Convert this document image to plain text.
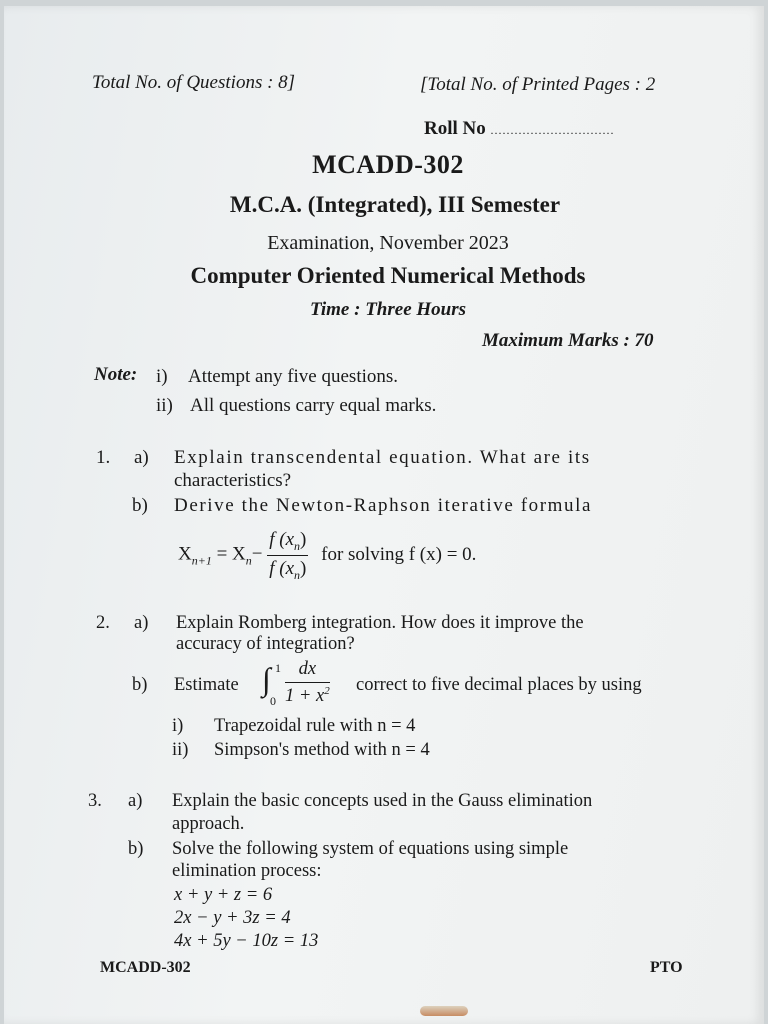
Total No. of Questions : 8]	[Total No. of Printed Pages : 2
Roll No ...............................
MCADD-302
M.C.A. (Integrated), III Semester
Examination, November 2023
Computer Oriented Numerical Methods
Time : Three Hours
Maximum Marks : 70
Note: i) Attempt any five questions.
ii) All questions carry equal marks.
1. a) Explain transcendental equation. What are its
characteristics?
b) Derive the Newton-Raphson iterative formula
$X_{n+1} = X_n- \frac{f (x_n)}{f (x_n)}$ for solving f (x) = 0.
2. a) Explain Romberg integration. How does it improve the
accuracy of integration?
b) Estimate ∫ 1
$0 \frac{dx}{1 + x^2}$ correct to five decimal places by using
i) Trapezoidal rule with n = 4
ii) Simpson's method with n = 4
3. a) Explain the basic concepts used in the Gauss elimination
approach.
b) Solve the following system of equations using simple
elimination process:
x + y + z = 6
2x − y + 3z = 4
4x + 5y − 10z = 13
MCADD-302	PTO
